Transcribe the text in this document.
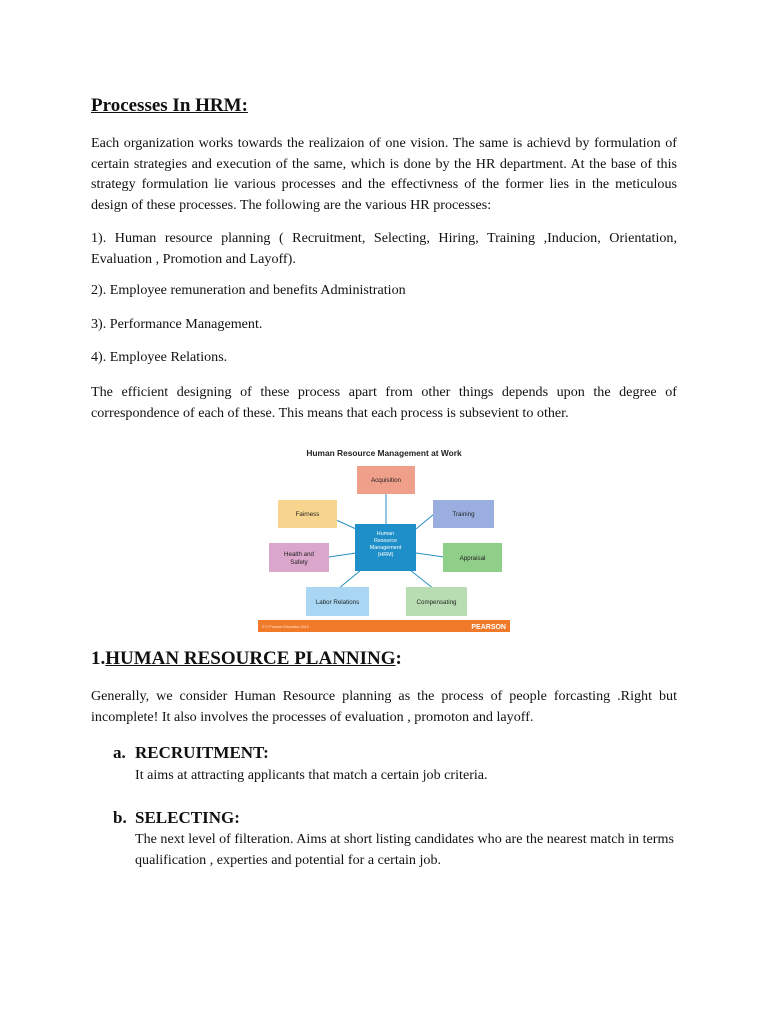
Processes In HRM:

Each organization works towards the realizaion of one vision. The same is achievd by formulation of certain strategies and execution of the same, which is done by the HR department. At the base of this strategy formulation lie various processes and the effectivness of the former lies in the meticulous design of these processes. The following are the various HR processes:

1). Human resource planning ( Recruitment, Selecting, Hiring, Training ,Inducion, Orientation, Evaluation , Promotion and Layoff).

2). Employee remuneration and benefits Administration

3). Performance Management.

4). Employee Relations.

The efficient designing of these process apart from other things depends upon the degree of correspondence of each of these. This means that each process is subsevient to other.

Human Resource Management at Work
Human
Resource
Management
(HRM)
Acquisition
Fairness	Training
Health and
Safety
Appraisal
Labor Relations	Compensating
© © Pearson Education 2013	PEARSON
1.HUMAN RESOURCE PLANNING:

Generally, we consider Human Resource planning as the process of people forcasting .Right but incomplete! It also involves the processes of evaluation , promoton and layoff.

a. RECRUITMENT:

It aims at attracting applicants that match a certain job criteria.

b. SELECTING:

The next level of filteration. Aims at short listing candidates who are the nearest match in terms qualification , experties and potential for a certain job.
